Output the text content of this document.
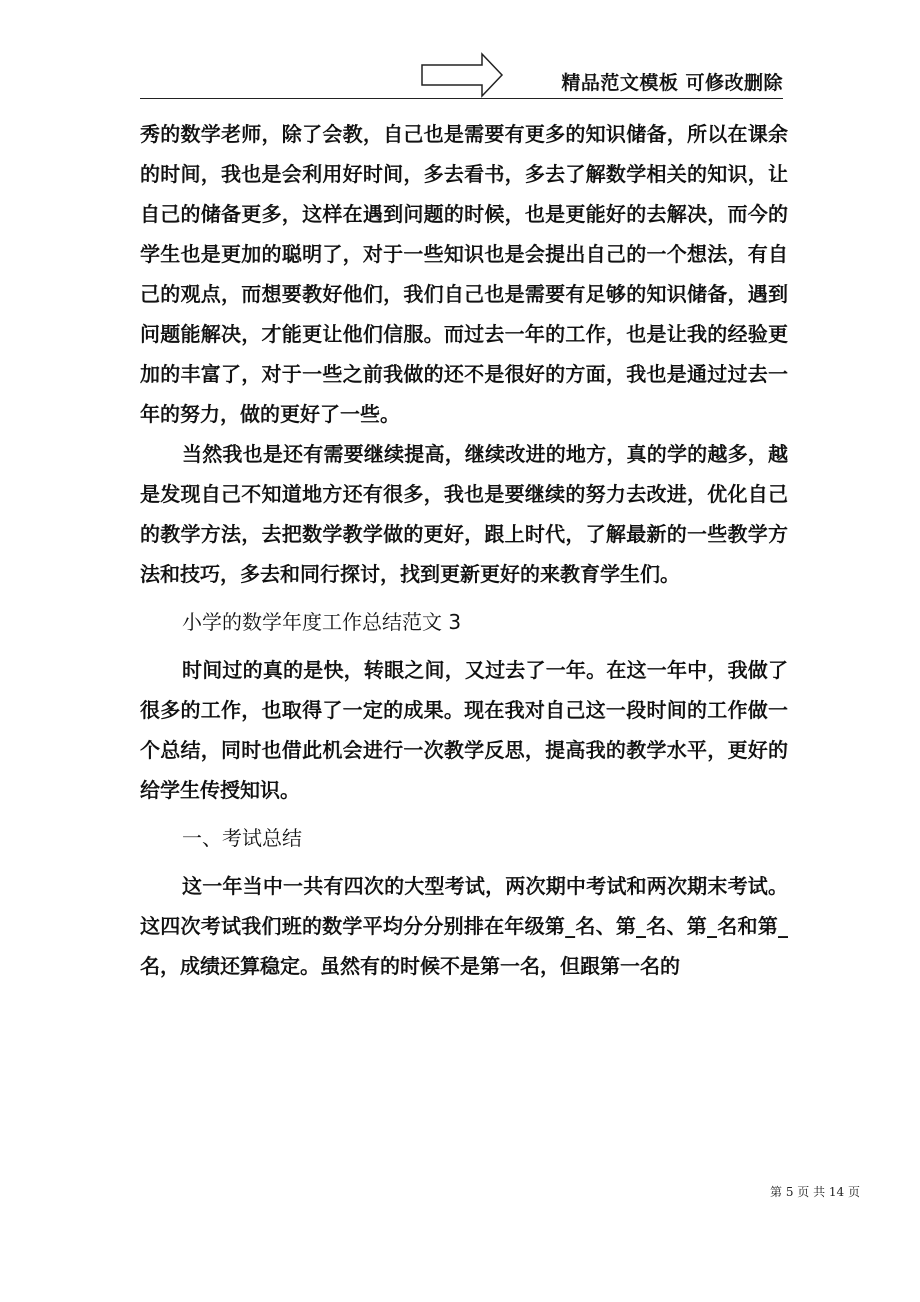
精品范文模板 可修改删除

秀的数学老师，除了会教，自己也是需要有更多的知识储备，所以在课余的时间，我也是会利用好时间，多去看书，多去了解数学相关的知识，让自己的储备更多，这样在遇到问题的时候，也是更能好的去解决，而今的学生也是更加的聪明了，对于一些知识也是会提出自己的一个想法，有自己的观点，而想要教好他们，我们自己也是需要有足够的知识储备，遇到问题能解决，才能更让他们信服。而过去一年的工作，也是让我的经验更加的丰富了，对于一些之前我做的还不是很好的方面，我也是通过过去一年的努力，做的更好了一些。

当然我也是还有需要继续提高，继续改进的地方，真的学的越多，越是发现自己不知道地方还有很多，我也是要继续的努力去改进，优化自己的教学方法，去把数学教学做的更好，跟上时代，了解最新的一些教学方法和技巧，多去和同行探讨，找到更新更好的来教育学生们。

小学的数学年度工作总结范文 3

时间过的真的是快，转眼之间，又过去了一年。在这一年中，我做了很多的工作，也取得了一定的成果。现在我对自己这一段时间的工作做一个总结，同时也借此机会进行一次教学反思，提高我的教学水平，更好的给学生传授知识。

一、考试总结

这一年当中一共有四次的大型考试，两次期中考试和两次期末考试。这四次考试我们班的数学平均分分别排在年级第_名、第_名、第_名和第_名，成绩还算稳定。虽然有的时候不是第一名，但跟第一名的

第 5 页 共 14 页
